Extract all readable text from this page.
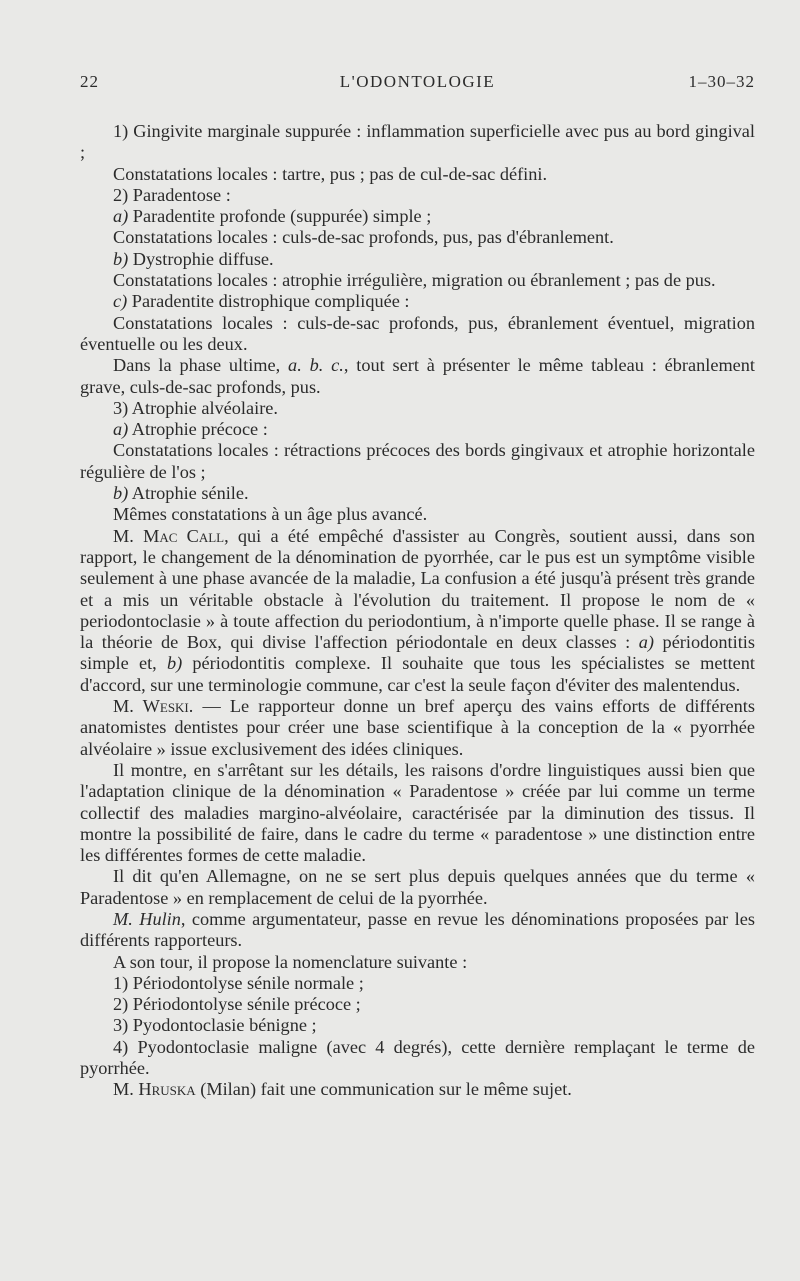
22	L'ODONTOLOGIE	1–30–32

1) Gingivite marginale suppurée : inflammation superficielle avec pus au bord gingival ;

Constatations locales : tartre, pus ; pas de cul-de-sac défini.

2) Paradentose :

a) Paradentite profonde (suppurée) simple ;

Constatations locales : culs-de-sac profonds, pus, pas d'ébranlement.

b) Dystrophie diffuse.

Constatations locales : atrophie irrégulière, migration ou ébranlement ; pas de pus.

c) Paradentite distrophique compliquée :

Constatations locales : culs-de-sac profonds, pus, ébranlement éventuel, migration éventuelle ou les deux.

Dans la phase ultime, a. b. c., tout sert à présenter le même tableau : ébranlement grave, culs-de-sac profonds, pus.

3) Atrophie alvéolaire.

a) Atrophie précoce :

Constatations locales : rétractions précoces des bords gingivaux et atrophie horizontale régulière de l'os ;

b) Atrophie sénile.

Mêmes constatations à un âge plus avancé.

M. Mac Call, qui a été empêché d'assister au Congrès, soutient aussi, dans son rapport, le changement de la dénomination de pyorrhée, car le pus est un symptôme visible seulement à une phase avancée de la maladie, La confusion a été jusqu'à présent très grande et a mis un véritable obstacle à l'évolution du traitement. Il propose le nom de « periodontoclasie » à toute affection du periodontium, à n'importe quelle phase. Il se range à la théorie de Box, qui divise l'affection périodontale en deux classes : a) périodontitis simple et, b) périodontitis complexe. Il souhaite que tous les spécialistes se mettent d'accord, sur une terminologie commune, car c'est la seule façon d'éviter des malentendus.

M. Weski. — Le rapporteur donne un bref aperçu des vains efforts de différents anatomistes dentistes pour créer une base scientifique à la conception de la « pyorrhée alvéolaire » issue exclusivement des idées cliniques.

Il montre, en s'arrêtant sur les détails, les raisons d'ordre linguistiques aussi bien que l'adaptation clinique de la dénomination « Paradentose » créée par lui comme un terme collectif des maladies margino-alvéolaire, caractérisée par la diminution des tissus. Il montre la possibilité de faire, dans le cadre du terme « paradentose » une distinction entre les différentes formes de cette maladie.

Il dit qu'en Allemagne, on ne se sert plus depuis quelques années que du terme « Paradentose » en remplacement de celui de la pyorrhée.

M. Hulin, comme argumentateur, passe en revue les dénominations proposées par les différents rapporteurs.

A son tour, il propose la nomenclature suivante :

1) Périodontolyse sénile normale ;

2) Périodontolyse sénile précoce ;

3) Pyodontoclasie bénigne ;

4) Pyodontoclasie maligne (avec 4 degrés), cette dernière remplaçant le terme de pyorrhée.

M. Hruska (Milan) fait une communication sur le même sujet.
